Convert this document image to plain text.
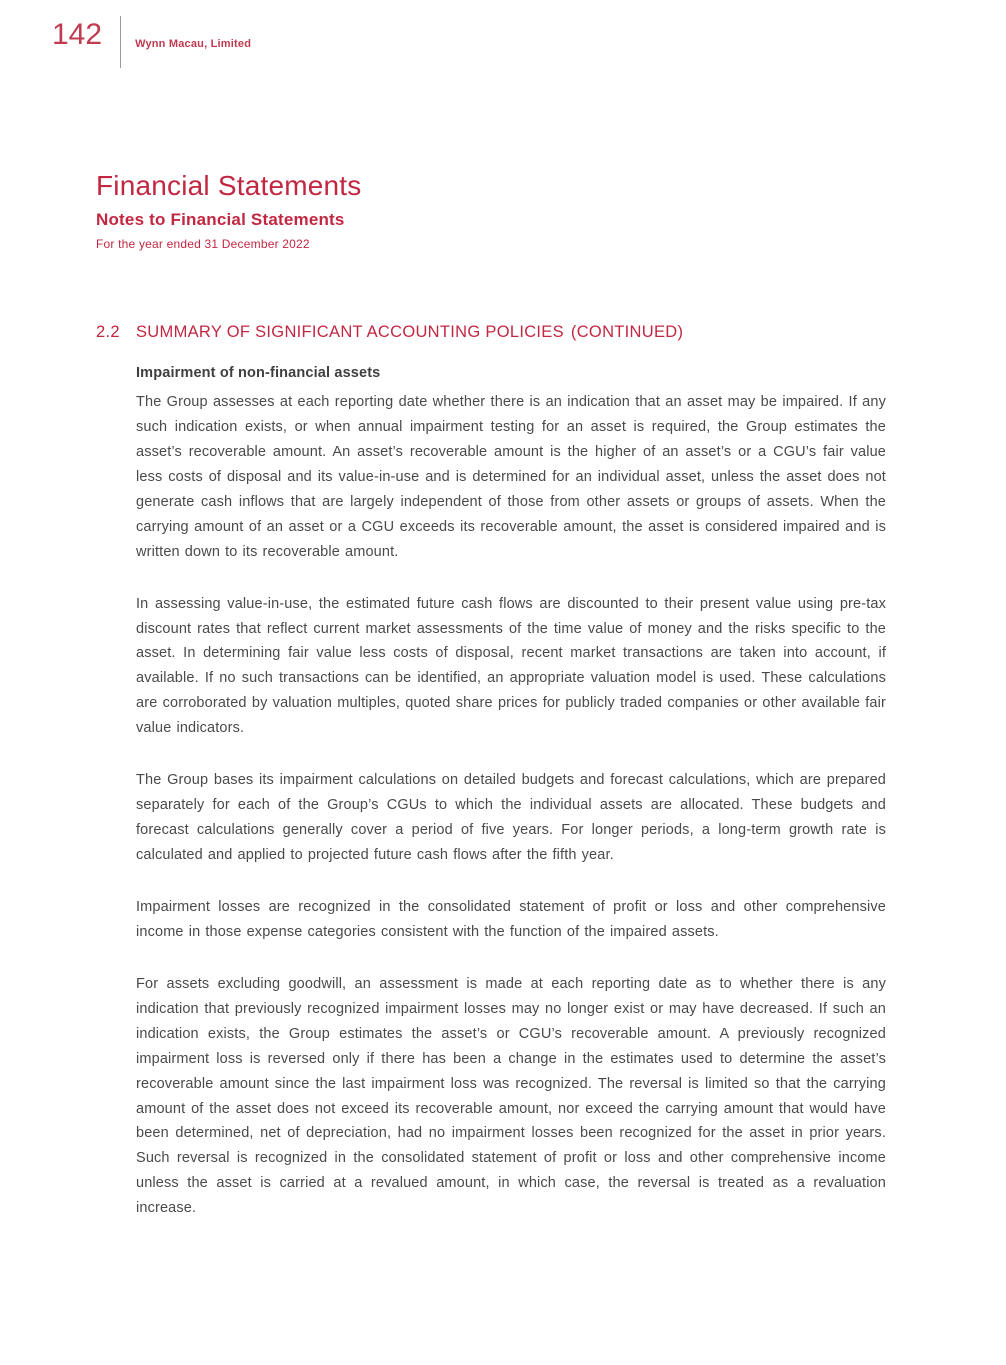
142	Wynn Macau, Limited
Financial Statements
Notes to Financial Statements
For the year ended 31 December 2022
2.2 SUMMARY OF SIGNIFICANT ACCOUNTING POLICIES (CONTINUED)
Impairment of non-financial assets

The Group assesses at each reporting date whether there is an indication that an asset may be impaired. If any such indication exists, or when annual impairment testing for an asset is required, the Group estimates the asset’s recoverable amount. An asset’s recoverable amount is the higher of an asset’s or a CGU’s fair value less costs of disposal and its value-in-use and is determined for an individual asset, unless the asset does not generate cash inflows that are largely independent of those from other assets or groups of assets. When the carrying amount of an asset or a CGU exceeds its recoverable amount, the asset is considered impaired and is written down to its recoverable amount.

In assessing value-in-use, the estimated future cash flows are discounted to their present value using pre-tax discount rates that reflect current market assessments of the time value of money and the risks specific to the asset. In determining fair value less costs of disposal, recent market transactions are taken into account, if available. If no such transactions can be identified, an appropriate valuation model is used. These calculations are corroborated by valuation multiples, quoted share prices for publicly traded companies or other available fair value indicators.

The Group bases its impairment calculations on detailed budgets and forecast calculations, which are prepared separately for each of the Group’s CGUs to which the individual assets are allocated. These budgets and forecast calculations generally cover a period of five years. For longer periods, a long-term growth rate is calculated and applied to projected future cash flows after the fifth year.

Impairment losses are recognized in the consolidated statement of profit or loss and other comprehensive income in those expense categories consistent with the function of the impaired assets.

For assets excluding goodwill, an assessment is made at each reporting date as to whether there is any indication that previously recognized impairment losses may no longer exist or may have decreased. If such an indication exists, the Group estimates the asset’s or CGU’s recoverable amount. A previously recognized impairment loss is reversed only if there has been a change in the estimates used to determine the asset’s recoverable amount since the last impairment loss was recognized. The reversal is limited so that the carrying amount of the asset does not exceed its recoverable amount, nor exceed the carrying amount that would have been determined, net of depreciation, had no impairment losses been recognized for the asset in prior years. Such reversal is recognized in the consolidated statement of profit or loss and other comprehensive income unless the asset is carried at a revalued amount, in which case, the reversal is treated as a revaluation increase.
